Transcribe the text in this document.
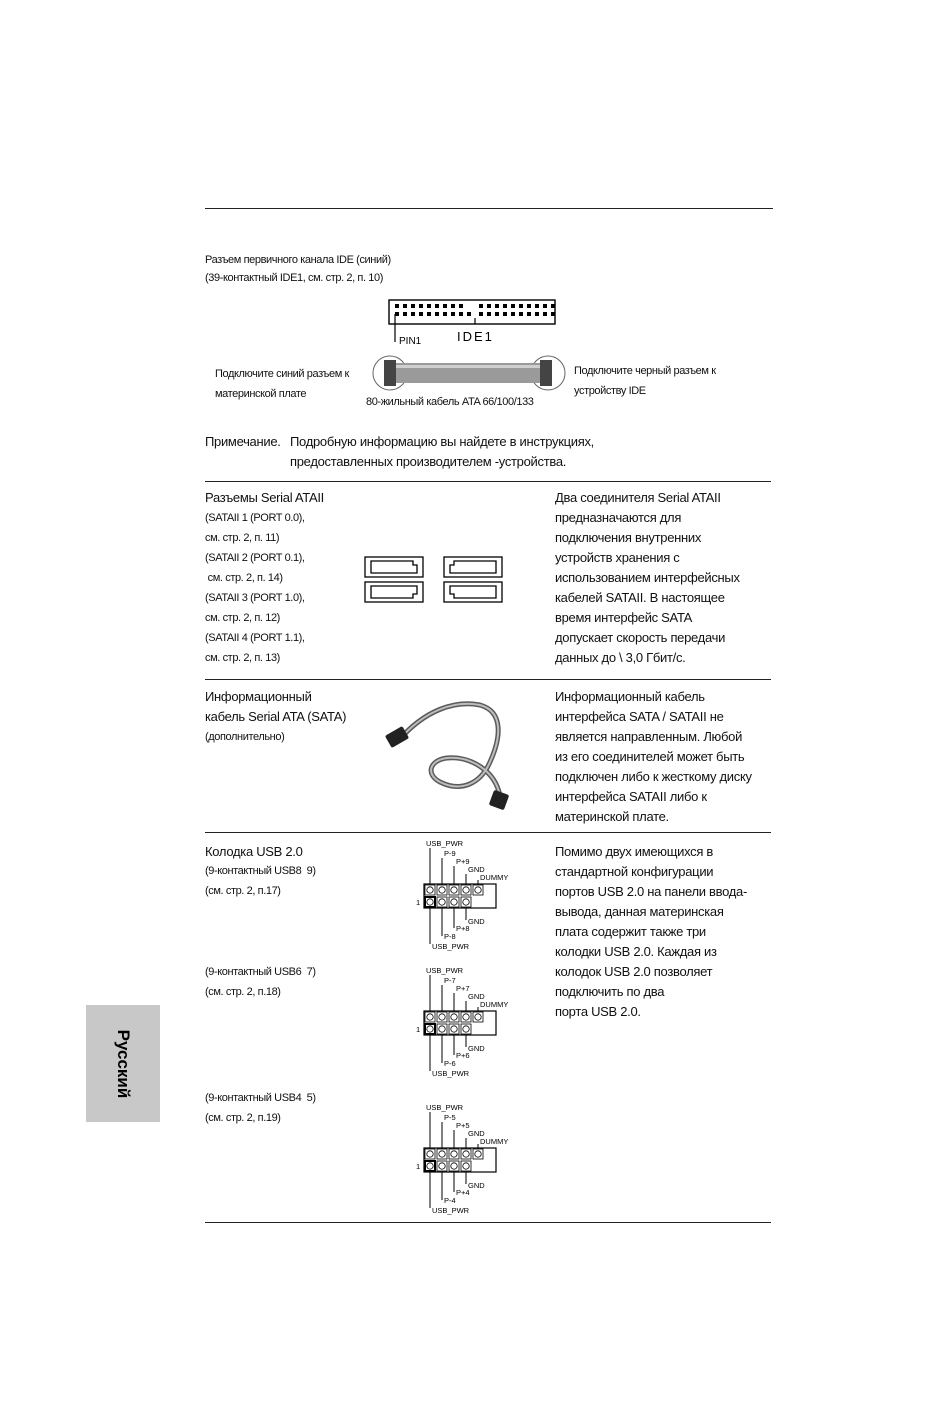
Русский
Разъем первичного канала IDE (синий)
(39-контактный IDE1, см. стр. 2, п. 10)
PIN1	IDE1
Подключите синий разъем к
материнской плате
Подключите черный разъем к
устройству IDE
80-жильный кабель ATA 66/100/133
Примечание. Подробную информацию вы найдете в инструкциях,
предоставленных производителем -устройства.
Разъемы Serial ATAII
(SATAII 1 (PORT 0.0),
см. стр. 2, п. 11)
(SATAII 2 (PORT 0.1),
см. стр. 2, п. 14)
(SATAII 3 (PORT 1.0),
см. стр. 2, п. 12)
(SATAII 4 (PORT 1.1),
см. стр. 2, п. 13)
Два соединителя Serial ATAII
предназначаются для
подключения внутренних
устройств хранения с
использованием интерфейсных
кабелей SATAII. В настоящее
время интерфейс SATA
допускает скорость передачи
данных до \ 3,0 Гбит/с.
Информационный
кабель Serial ATA (SATA)
(дополнительно)
Информационный кабель
интерфейса SATA / SATAII не
является направленным. Любой
из его соединителей может быть
подключен либо к жесткому диску
интерфейса SATAII либо к
материнской плате.
Колодка USB 2.0
(9-контактный USB8  9)
(см. стр. 2, п.17)
(9-контактный USB6  7)
(см. стр. 2, п.18)
(9-контактный USB4  5)
(см. стр. 2, п.19)
USB_PWR
P-9
P+9
GND
DUMMY
1
GND
P+8
P-8
USB_PWR
USB_PWR
P-7
P+7
GND
DUMMY
1
GND
P+6
P-6
USB_PWR
USB_PWR
P-5
P+5
GND
DUMMY
1
GND
P+4
P-4
USB_PWR
Помимо двух имеющихся в
стандартной конфигурации
портов USB 2.0 на панели ввода-
вывода, данная материнская
плата содержит также три
колодки USB 2.0. Каждая из
колодок USB 2.0 позволяет
подключить по два
порта USB 2.0.
